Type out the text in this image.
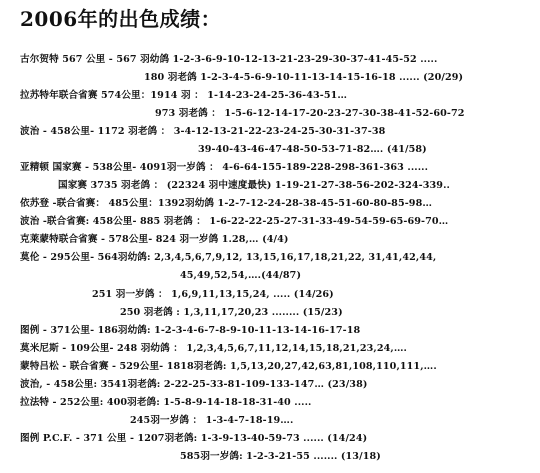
2006年的出色成绩：
古尔贺特 567 公里 - 567 羽幼鸽 1-2-3-6-9-10-12-13-21-23-29-30-37-41-45-52 .....
180 羽老鸽 1-2-3-4-5-6-9-10-11-13-14-15-16-18 ...... (20/29)
拉苏特年联合省赛 574公里：1914 羽 ： 1-14-23-24-25-36-43-51…
973 羽老鸽 ： 1-5-6-12-14-17-20-23-27-30-38-41-52-60-72
波治 - 458公里- 1172 羽老鸽 ： 3-4-12-13-21-22-23-24-25-30-31-37-38
39-40-43-46-47-48-50-53-71-82…. (41/58)
亚精顿 国家赛 - 538公里- 4091羽一岁鸽 ： 4-6-64-155-189-228-298-361-363 ......
国家赛 3735 羽老鸽 ： (22324 羽中速度最快) 1-19-21-27-38-56-202-324-339..
依苏登 -联合省赛： 485公里：1392羽幼鸽 1-2-7-12-24-28-38-45-51-60-80-85-98…
波治 -联合省赛: 458公里- 885 羽老鸽 ： 1-6-22-22-25-27-31-33-49-54-59-65-69-70…
克莱蒙特联合省赛 - 578公里- 824 羽一岁鸽 1.28,… (4/4)
莫伦 - 295公里- 564羽幼鸽: 2,3,4,5,6,7,9,12, 13,15,16,17,18,21,22, 31,41,42,44,
45,49,52,54,….(44/87)
251 羽一岁鸽 ： 1,6,9,11,13,15,24, ..... (14/26)
250 羽老鸽 : 1,3,11,17,20,23 ........ (15/23)
图例 - 371公里- 186羽幼鸽: 1-2-3-4-6-7-8-9-10-11-13-14-16-17-18
莫米尼斯 - 109公里- 248 羽幼鸽 ： 1,2,3,4,5,6,7,11,12,14,15,18,21,23,24,….
蒙特吕松 - 联合省赛 - 529公里- 1818羽老鸽: 1,5,13,20,27,42,63,81,108,110,111,….
波治, - 458公里: 3541羽老鸽: 2-22-25-33-81-109-133-147… (23/38)
拉法特 - 252公里: 400羽老鸽: 1-5-8-9-14-18-18-31-40 .....
245羽一岁鸽 ： 1-3-4-7-18-19….
图例 P.C.F. - 371 公里 - 1207羽老鸽: 1-3-9-13-40-59-73 ...... (14/24)
585羽一岁鸽: 1-2-3-21-55 ....... (13/18)
